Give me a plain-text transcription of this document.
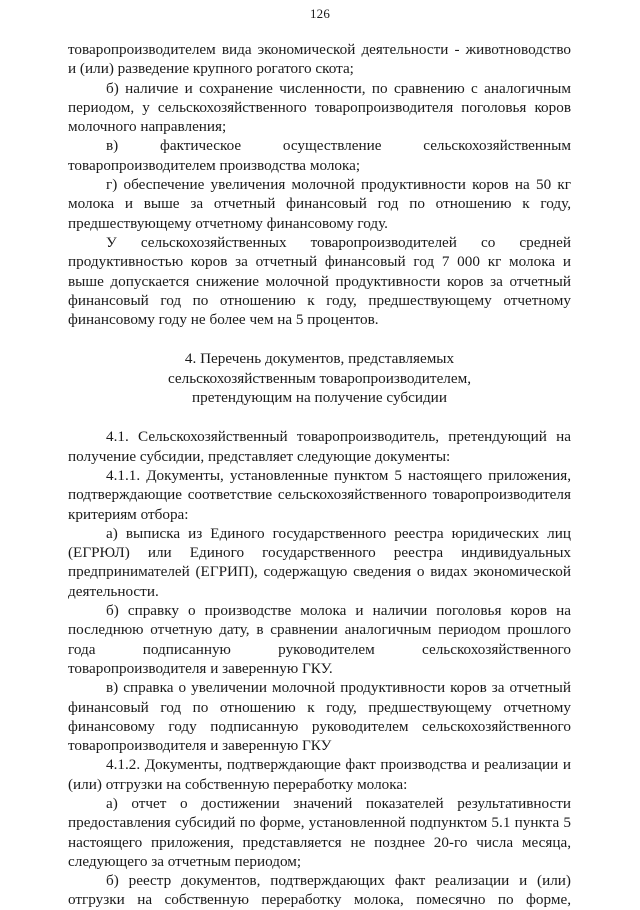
126

товаропроизводителем вида экономической деятельности - животноводство и (или) разведение крупного рогатого скота;

б) наличие и сохранение численности, по сравнению с аналогичным периодом, у сельскохозяйственного товаропроизводителя поголовья коров молочного направления;

в) фактическое осуществление сельскохозяйственным товаропроизводителем производства молока;

г) обеспечение увеличения молочной продуктивности коров на 50 кг молока и выше за отчетный финансовый год по отношению к году, предшествующему отчетному финансовому году.

У сельскохозяйственных товаропроизводителей со средней продуктивностью коров за отчетный финансовый год 7 000 кг молока и выше допускается снижение молочной продуктивности коров за отчетный финансовый год по отношению к году, предшествующему отчетному финансовому году не более чем на 5 процентов.

4. Перечень документов, представляемых
сельскохозяйственным товаропроизводителем,
претендующим на получение субсидии

4.1. Сельскохозяйственный товаропроизводитель, претендующий на получение субсидии, представляет следующие документы:

4.1.1. Документы, установленные пунктом 5 настоящего приложения, подтверждающие соответствие сельскохозяйственного товаропроизводителя критериям отбора:

а) выписка из Единого государственного реестра юридических лиц (ЕГРЮЛ) или Единого государственного реестра индивидуальных предпринимателей (ЕГРИП), содержащую сведения о видах экономической деятельности.

б) справку о производстве молока и наличии поголовья коров на последнюю отчетную дату, в сравнении аналогичным периодом прошлого года подписанную руководителем сельскохозяйственного товаропроизводителя и заверенную ГКУ.

в) справка о увеличении молочной продуктивности коров за отчетный финансовый год по отношению к году, предшествующему отчетному финансовому году подписанную руководителем сельскохозяйственного товаропроизводителя и заверенную ГКУ

4.1.2. Документы, подтверждающие факт производства и реализации и (или) отгрузки на собственную переработку молока:

а) отчет о достижении значений показателей результативности предоставления субсидий по форме, установленной подпунктом 5.1 пункта 5 настоящего приложения, представляется не позднее 20-го числа месяца, следующего за отчетным периодом;

б) реестр документов, подтверждающих факт реализации и (или) отгрузки на собственную переработку молока, помесячно по форме,
